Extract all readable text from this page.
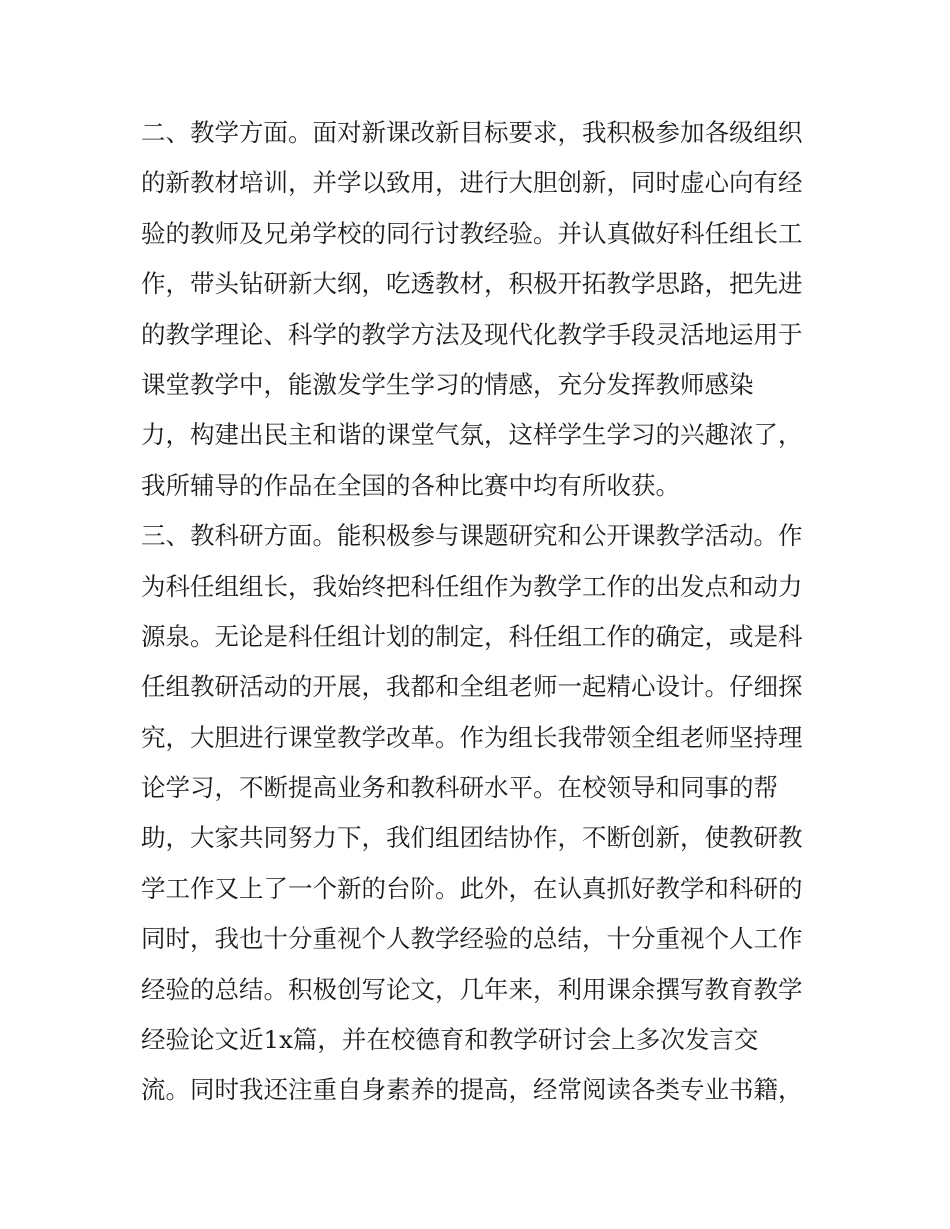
二、教学方面。面对新课改新目标要求，我积极参加各级组织
的新教材培训，并学以致用，进行大胆创新，同时虚心向有经
验的教师及兄弟学校的同行讨教经验。并认真做好科任组长工
作，带头钻研新大纲，吃透教材，积极开拓教学思路，把先进
的教学理论、科学的教学方法及现代化教学手段灵活地运用于
课堂教学中，能激发学生学习的情感，充分发挥教师感染
力，构建出民主和谐的课堂气氛，这样学生学习的兴趣浓了，
我所辅导的作品在全国的各种比赛中均有所收获。
三、教科研方面。能积极参与课题研究和公开课教学活动。作
为科任组组长，我始终把科任组作为教学工作的出发点和动力
源泉。无论是科任组计划的制定，科任组工作的确定，或是科
任组教研活动的开展，我都和全组老师一起精心设计。仔细探
究，大胆进行课堂教学改革。作为组长我带领全组老师坚持理
论学习，不断提高业务和教科研水平。在校领导和同事的帮
助，大家共同努力下，我们组团结协作，不断创新，使教研教
学工作又上了一个新的台阶。此外，在认真抓好教学和科研的
同时，我也十分重视个人教学经验的总结，十分重视个人工作
经验的总结。积极创写论文，几年来，利用课余撰写教育教学
经验论文近1x篇，并在校德育和教学研讨会上多次发言交
流。同时我还注重自身素养的提高，经常阅读各类专业书籍，
